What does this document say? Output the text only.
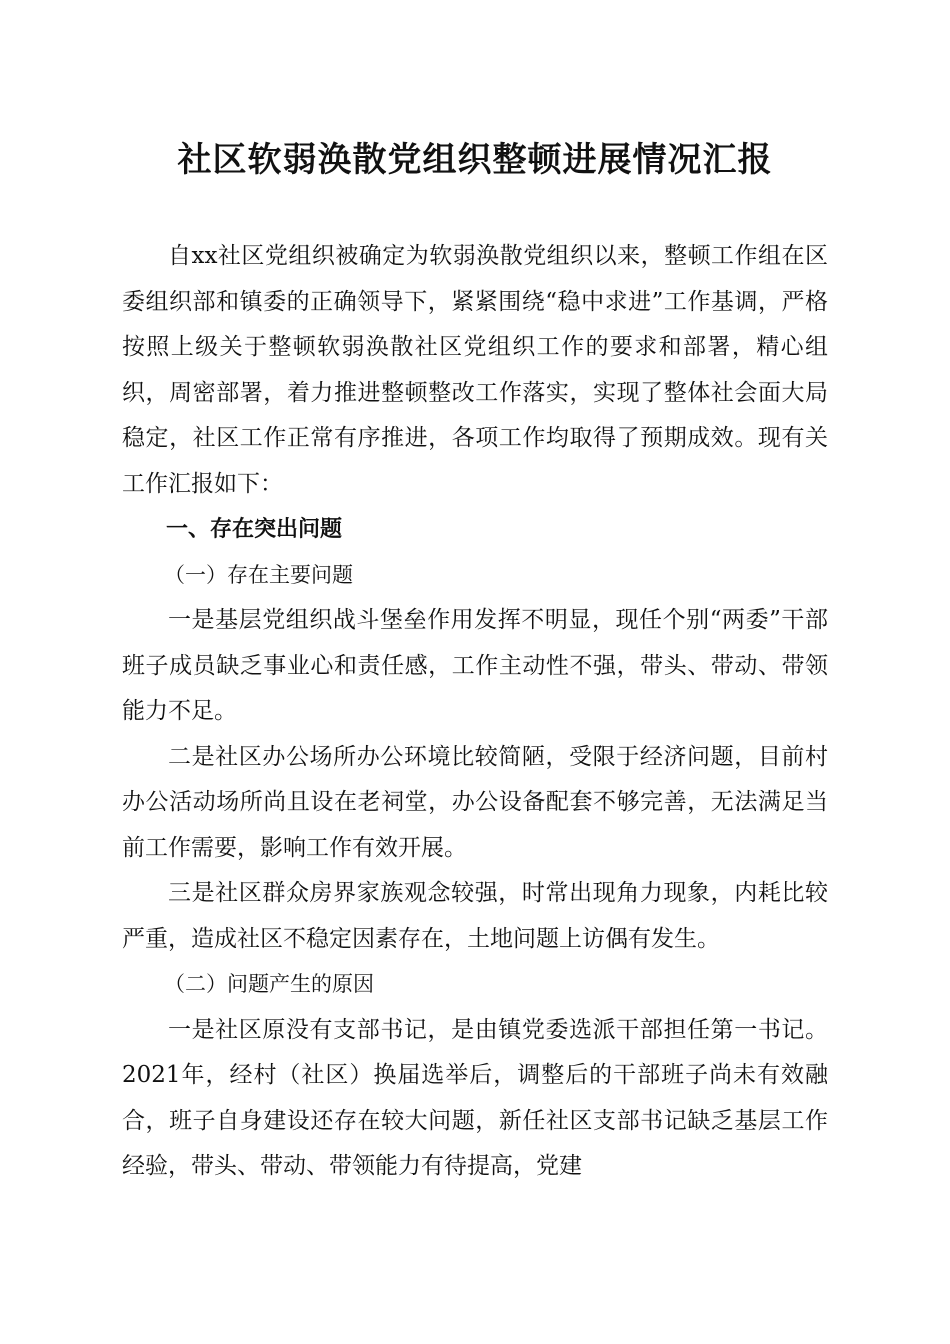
社区软弱涣散党组织整顿进展情况汇报

自xx社区党组织被确定为软弱涣散党组织以来，整顿工作组在区委组织部和镇委的正确领导下，紧紧围绕“稳中求进”工作基调，严格按照上级关于整顿软弱涣散社区党组织工作的要求和部署，精心组织，周密部署，着力推进整顿整改工作落实，实现了整体社会面大局稳定，社区工作正常有序推进，各项工作均取得了预期成效。现有关工作汇报如下：

一、存在突出问题

（一）存在主要问题

一是基层党组织战斗堡垒作用发挥不明显，现任个别“两委”干部班子成员缺乏事业心和责任感，工作主动性不强，带头、带动、带领能力不足。

二是社区办公场所办公环境比较简陋，受限于经济问题，目前村办公活动场所尚且设在老祠堂，办公设备配套不够完善，无法满足当前工作需要，影响工作有效开展。

三是社区群众房界家族观念较强，时常出现角力现象，内耗比较严重，造成社区不稳定因素存在，土地问题上访偶有发生。

（二）问题产生的原因

一是社区原没有支部书记，是由镇党委选派干部担任第一书记。2021年，经村（社区）换届选举后，调整后的干部班子尚未有效融合，班子自身建设还存在较大问题，新任社区支部书记缺乏基层工作经验，带头、带动、带领能力有待提高，党建
